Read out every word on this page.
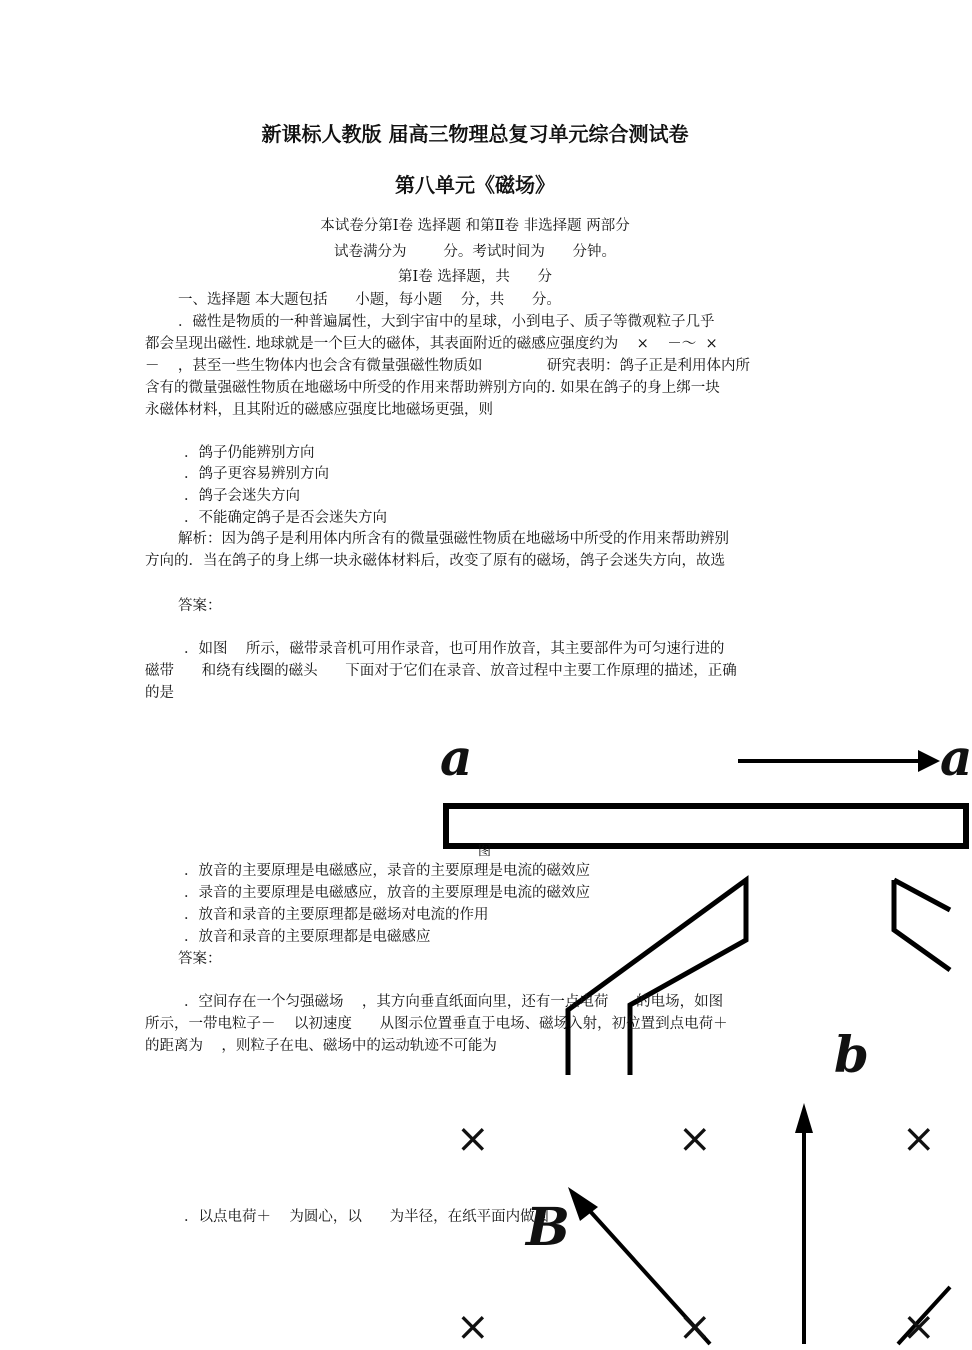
新课标人教版 届高三物理总复习单元综合测试卷
第八单元《磁场》
本试卷分第Ⅰ卷 选择题 和第Ⅱ卷 非选择题 两部分
试卷满分为        分。考试时间为      分钟。
第Ⅰ卷 选择题，共      分
一、选择题 本大题包括      小题，每小题    分，共      分。
．磁性是物质的一种普遍属性，大到宇宙中的星球，小到电子、质子等微观粒子几乎
都会呈现出磁性. 地球就是一个巨大的磁体，其表面附近的磁感应强度约为    ×    －～  ×
－    ，甚至一些生物体内也会含有微量强磁性物质如              研究表明：鸽子正是利用体内所
含有的微量强磁性物质在地磁场中所受的作用来帮助辨别方向的. 如果在鸽子的身上绑一块
永磁体材料，且其附近的磁感应强度比地磁场更强，则
．鸽子仍能辨别方向
．鸽子更容易辨别方向
．鸽子会迷失方向
．不能确定鸽子是否会迷失方向
解析：因为鸽子是利用体内所含有的微量强磁性物质在地磁场中所受的作用来帮助辨别
方向的．当在鸽子的身上绑一块永磁体材料后，改变了原有的磁场，鸽子会迷失方向，故选
答案：
．如图    所示，磁带录音机可用作录音，也可用作放音，其主要部件为可匀速行进的
磁带      和绕有线圈的磁头      下面对于它们在录音、放音过程中主要工作原理的描述，正确
的是
a	a
图
b
．放音的主要原理是电磁感应，录音的主要原理是电流的磁效应
．录音的主要原理是电磁感应，放音的主要原理是电流的磁效应
．放音和录音的主要原理都是磁场对电流的作用
．放音和录音的主要原理都是电磁感应
答案：
．空间存在一个匀强磁场    ，其方向垂直纸面向里，还有一点电荷      的电场，如图
所示，一带电粒子－    以初速度      从图示位置垂直于电场、磁场入射，初位置到点电荷＋
的距离为    ，则粒子在电、磁场中的运动轨迹不可能为
×	×	×
×	×	×
B
．以点电荷＋    为圆心，以      为半径，在纸平面内做圆
